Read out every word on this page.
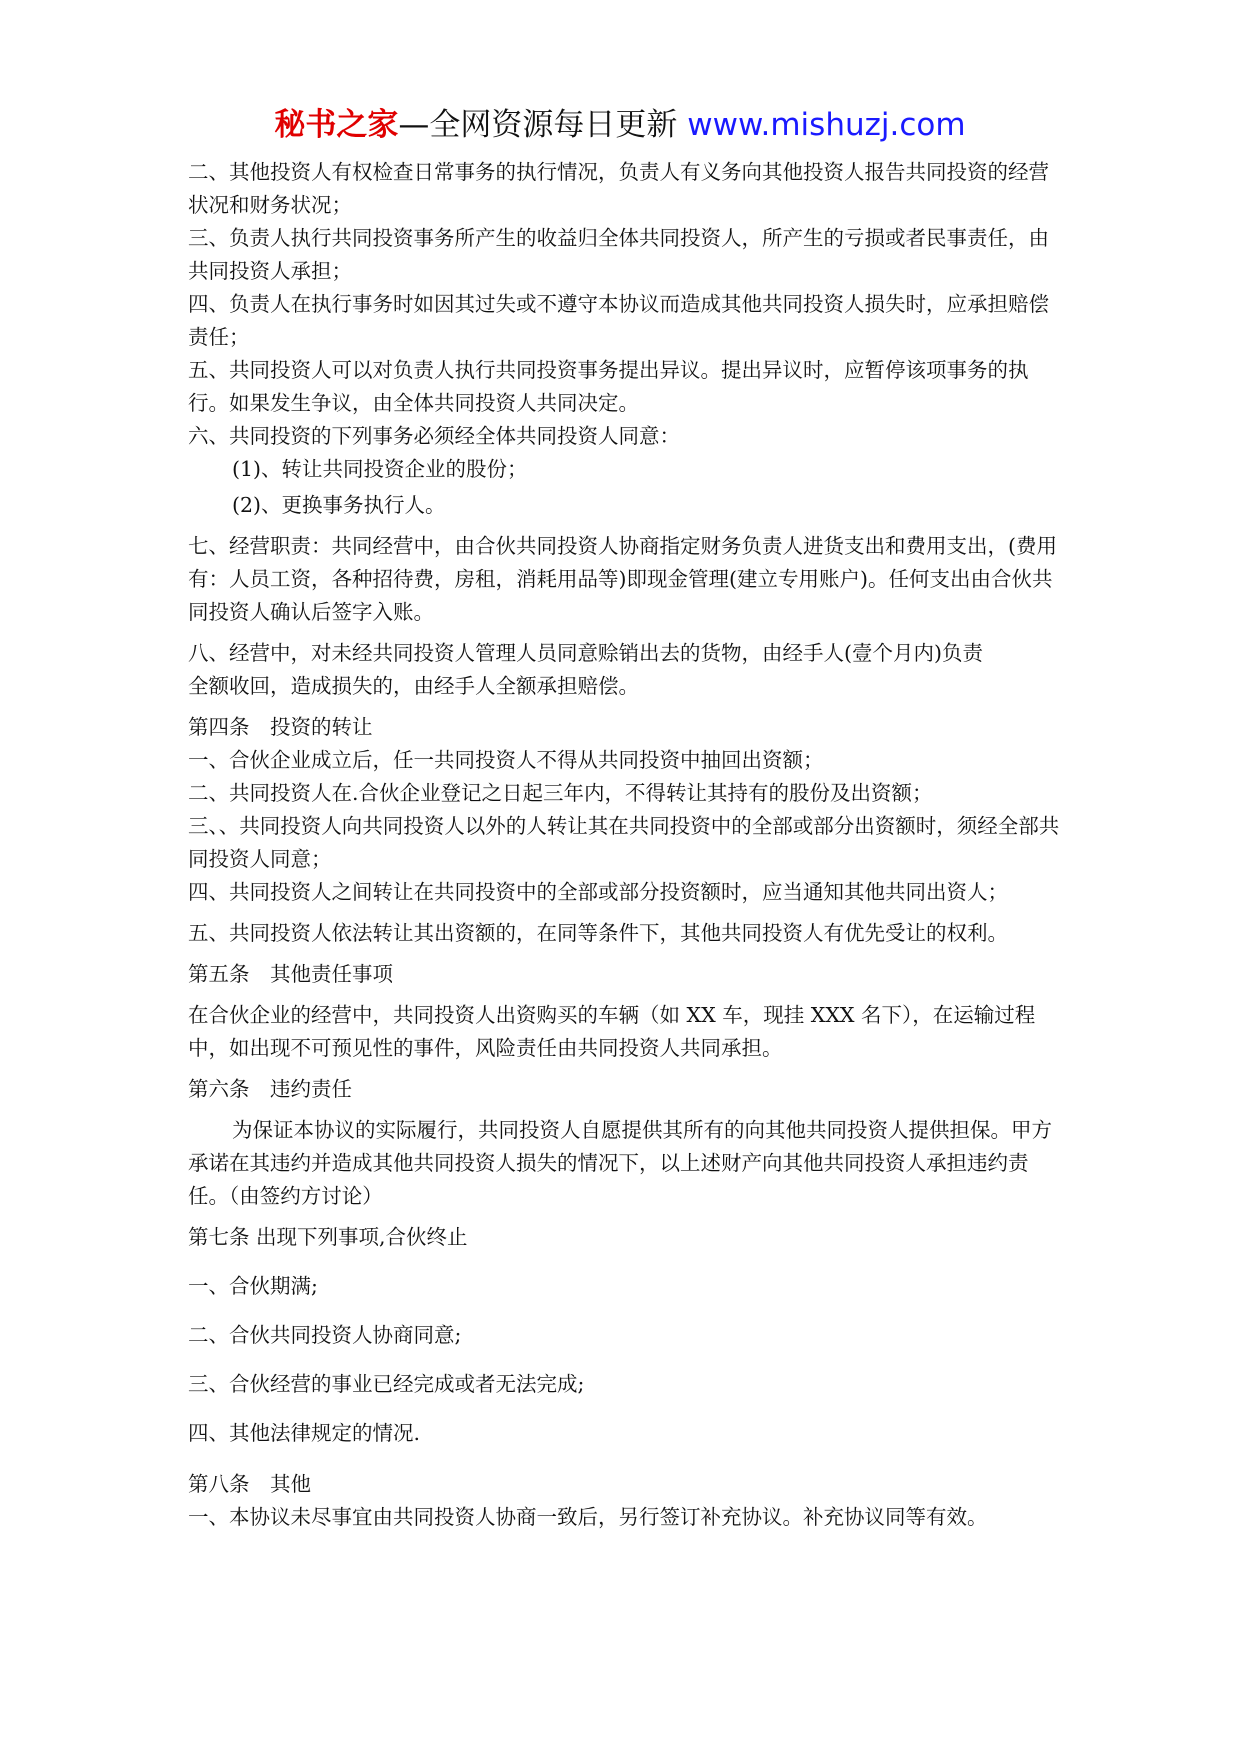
秘书之家—全网资源每日更新 www.mishuzj.com

二、其他投资人有权检查日常事务的执行情况，负责人有义务向其他投资人报告共同投资的经营状况和财务状况；

三、负责人执行共同投资事务所产生的收益归全体共同投资人，所产生的亏损或者民事责任，由共同投资人承担；

四、负责人在执行事务时如因其过失或不遵守本协议而造成其他共同投资人损失时，应承担赔偿责任；

五、共同投资人可以对负责人执行共同投资事务提出异议。提出异议时，应暂停该项事务的执行。如果发生争议，由全体共同投资人共同决定。

六、共同投资的下列事务必须经全体共同投资人同意：

(1)、转让共同投资企业的股份；

(2)、更换事务执行人。

七、经营职责：共同经营中，由合伙共同投资人协商指定财务负责人进货支出和费用支出，(费用有：人员工资，各种招待费，房租，消耗用品等)即现金管理(建立专用账户)。任何支出由合伙共同投资人确认后签字入账。

八、经营中，对未经共同投资人管理人员同意赊销出去的货物，由经手人(壹个月内)负责

全额收回，造成损失的，由经手人全额承担赔偿。

第四条　投资的转让

一、合伙企业成立后，任一共同投资人不得从共同投资中抽回出资额；

二、共同投资人在.合伙企业登记之日起三年内，不得转让其持有的股份及出资额；

三、、共同投资人向共同投资人以外的人转让其在共同投资中的全部或部分出资额时，须经全部共同投资人同意；

四、共同投资人之间转让在共同投资中的全部或部分投资额时，应当通知其他共同出资人；

五、共同投资人依法转让其出资额的，在同等条件下，其他共同投资人有优先受让的权利。

第五条　其他责任事项

在合伙企业的经营中，共同投资人出资购买的车辆（如 XX 车，现挂 XXX 名下），在运输过程中，如出现不可预见性的事件，风险责任由共同投资人共同承担。

第六条　违约责任

为保证本协议的实际履行，共同投资人自愿提供其所有的向其他共同投资人提供担保。甲方承诺在其违约并造成其他共同投资人损失的情况下，以上述财产向其他共同投资人承担违约责任。（由签约方讨论）

第七条 出现下列事项,合伙终止

一、合伙期满;

二、合伙共同投资人协商同意;

三、合伙经营的事业已经完成或者无法完成;

四、其他法律规定的情况.

第八条　其他

一、本协议未尽事宜由共同投资人协商一致后，另行签订补充协议。补充协议同等有效。
